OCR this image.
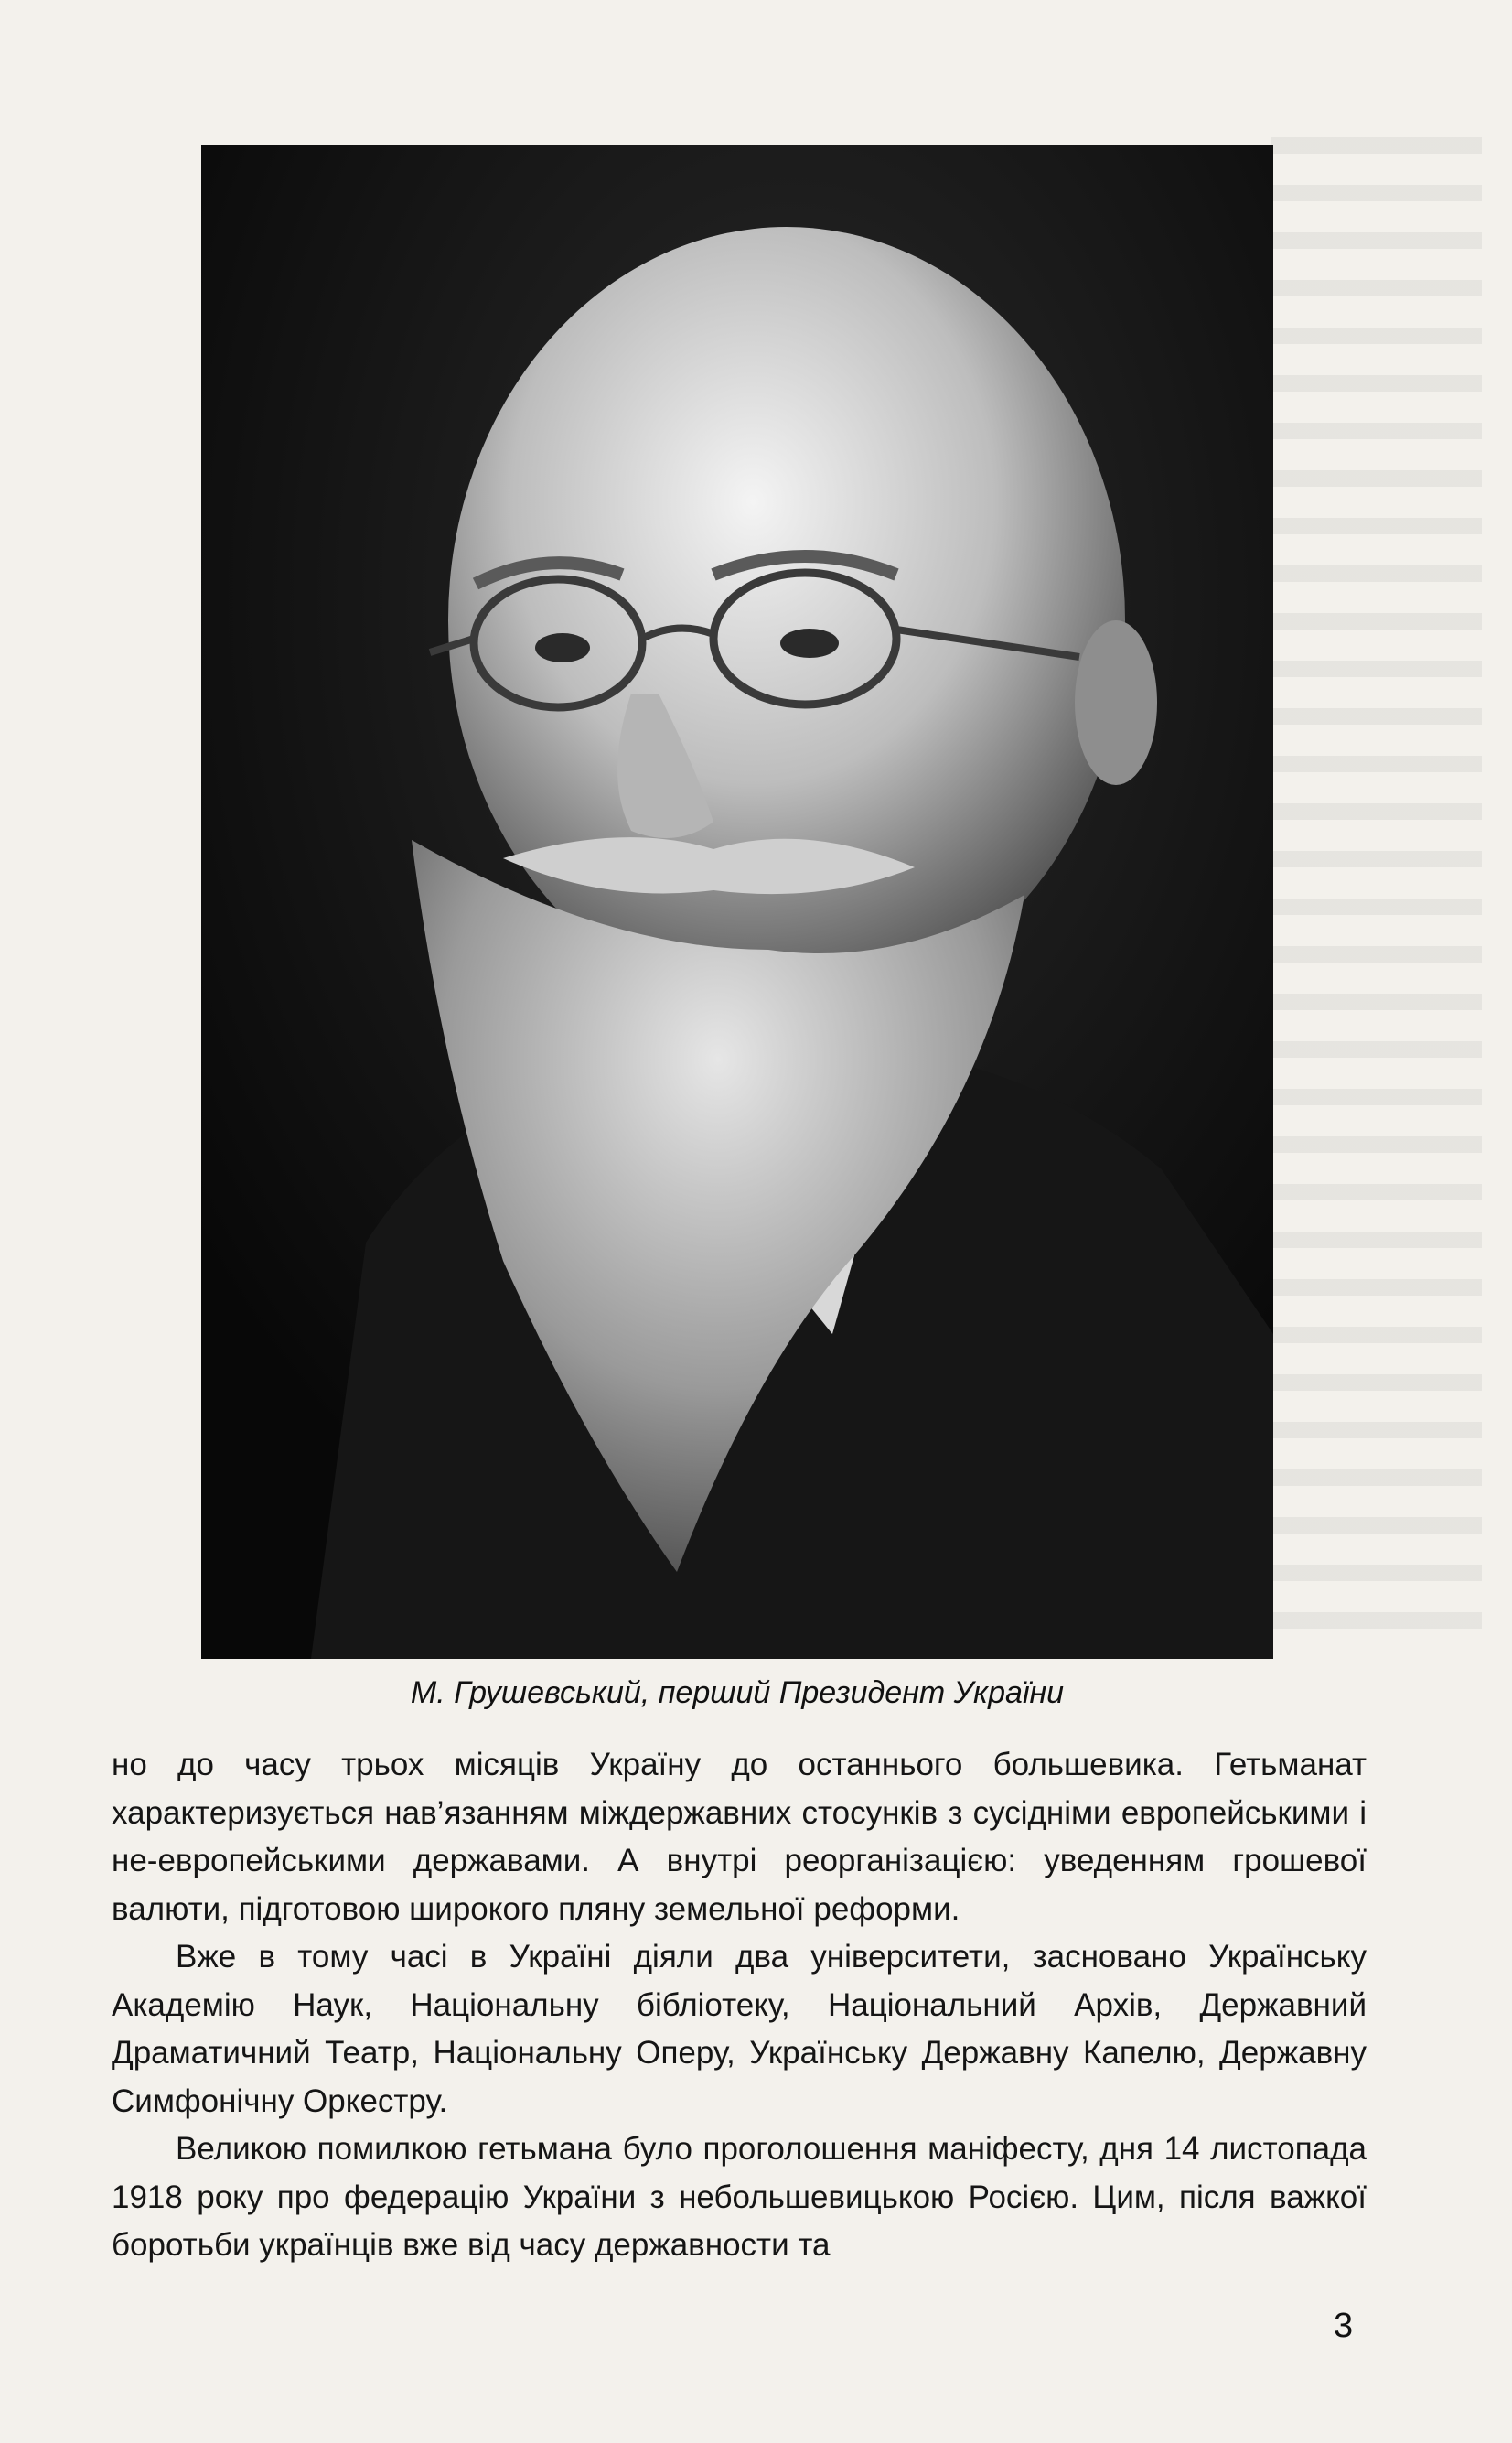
М. Грушевський, перший Президент України

но до часу трьох місяців Україну до останнього большевика. Гетьманат характеризується нав’язанням міждержавних стосунків з сусідніми европейськими і не-европейськими державами. А внутрі реорганізацією: уведенням грошевої валюти, підготовою широкого пляну земельної реформи.

Вже в тому часі в Україні діяли два університети, засновано Українську Академію Наук, Національну бібліотеку, Національний Архів, Державний Драматичний Театр, Національну Оперу, Українську Державну Капелю, Державну Симфонічну Оркестру.

Великою помилкою гетьмана було проголошення маніфесту, дня 14 листопада 1918 року про федерацію України з небольшевицькою Росією. Цим, після важкої боротьби українців вже від часу державности та

3
